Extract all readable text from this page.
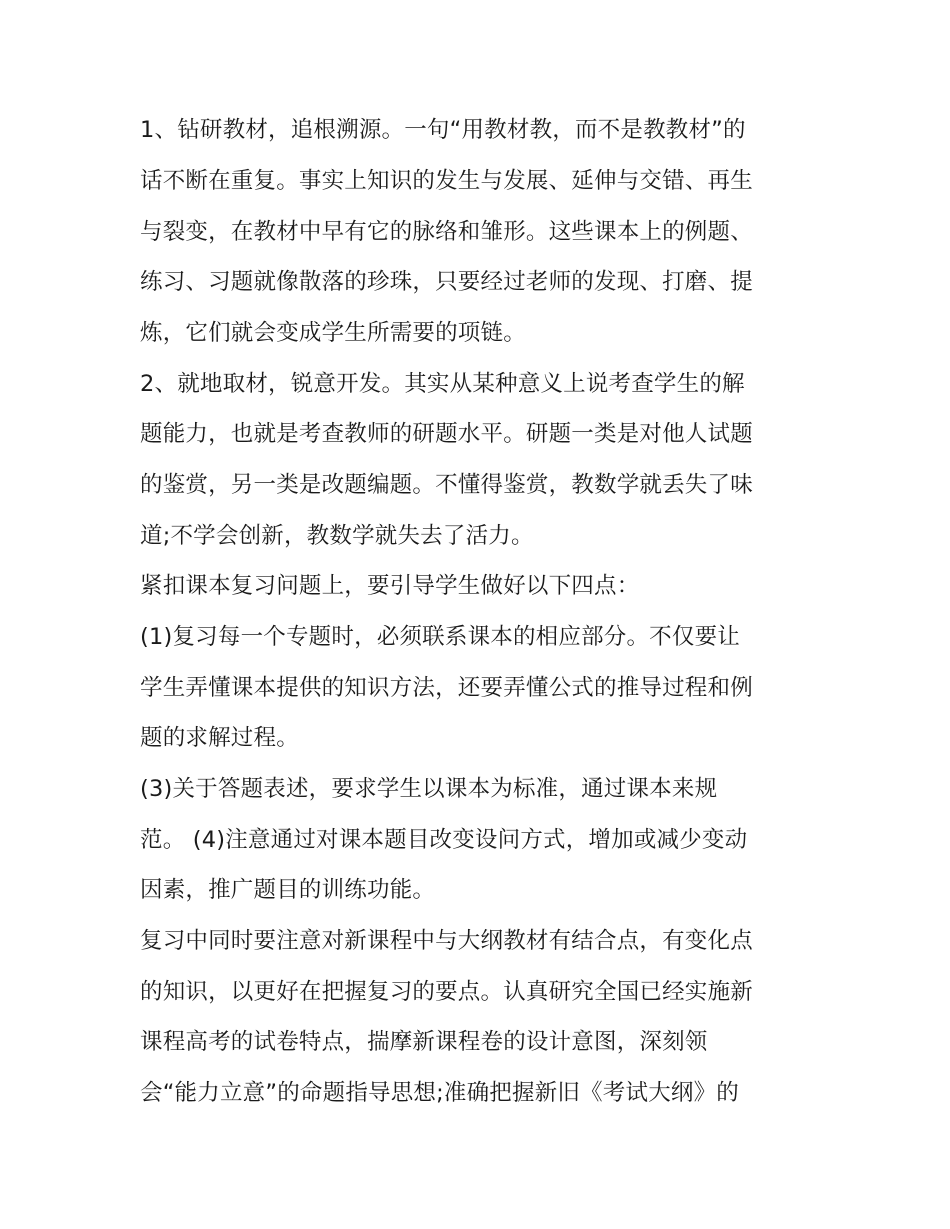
1、钻研教材，追根溯源。一句“用教材教，而不是教教材”的
话不断在重复。事实上知识的发生与发展、延伸与交错、再生
与裂变，在教材中早有它的脉络和雏形。这些课本上的例题、
练习、习题就像散落的珍珠，只要经过老师的发现、打磨、提
炼，它们就会变成学生所需要的项链。
2、就地取材，锐意开发。其实从某种意义上说考查学生的解
题能力，也就是考查教师的研题水平。研题一类是对他人试题
的鉴赏，另一类是改题编题。不懂得鉴赏，教数学就丢失了味
道;不学会创新，教数学就失去了活力。
紧扣课本复习问题上，要引导学生做好以下四点：
(1)复习每一个专题时，必须联系课本的相应部分。不仅要让
学生弄懂课本提供的知识方法，还要弄懂公式的推导过程和例
题的求解过程。
(3)关于答题表述，要求学生以课本为标准，通过课本来规
范。 (4)注意通过对课本题目改变设问方式，增加或减少变动
因素，推广题目的训练功能。
复习中同时要注意对新课程中与大纲教材有结合点，有变化点
的知识，以更好在把握复习的要点。认真研究全国已经实施新
课程高考的试卷特点，揣摩新课程卷的设计意图，深刻领
会“能力立意”的命题指导思想;准确把握新旧《考试大纲》的
